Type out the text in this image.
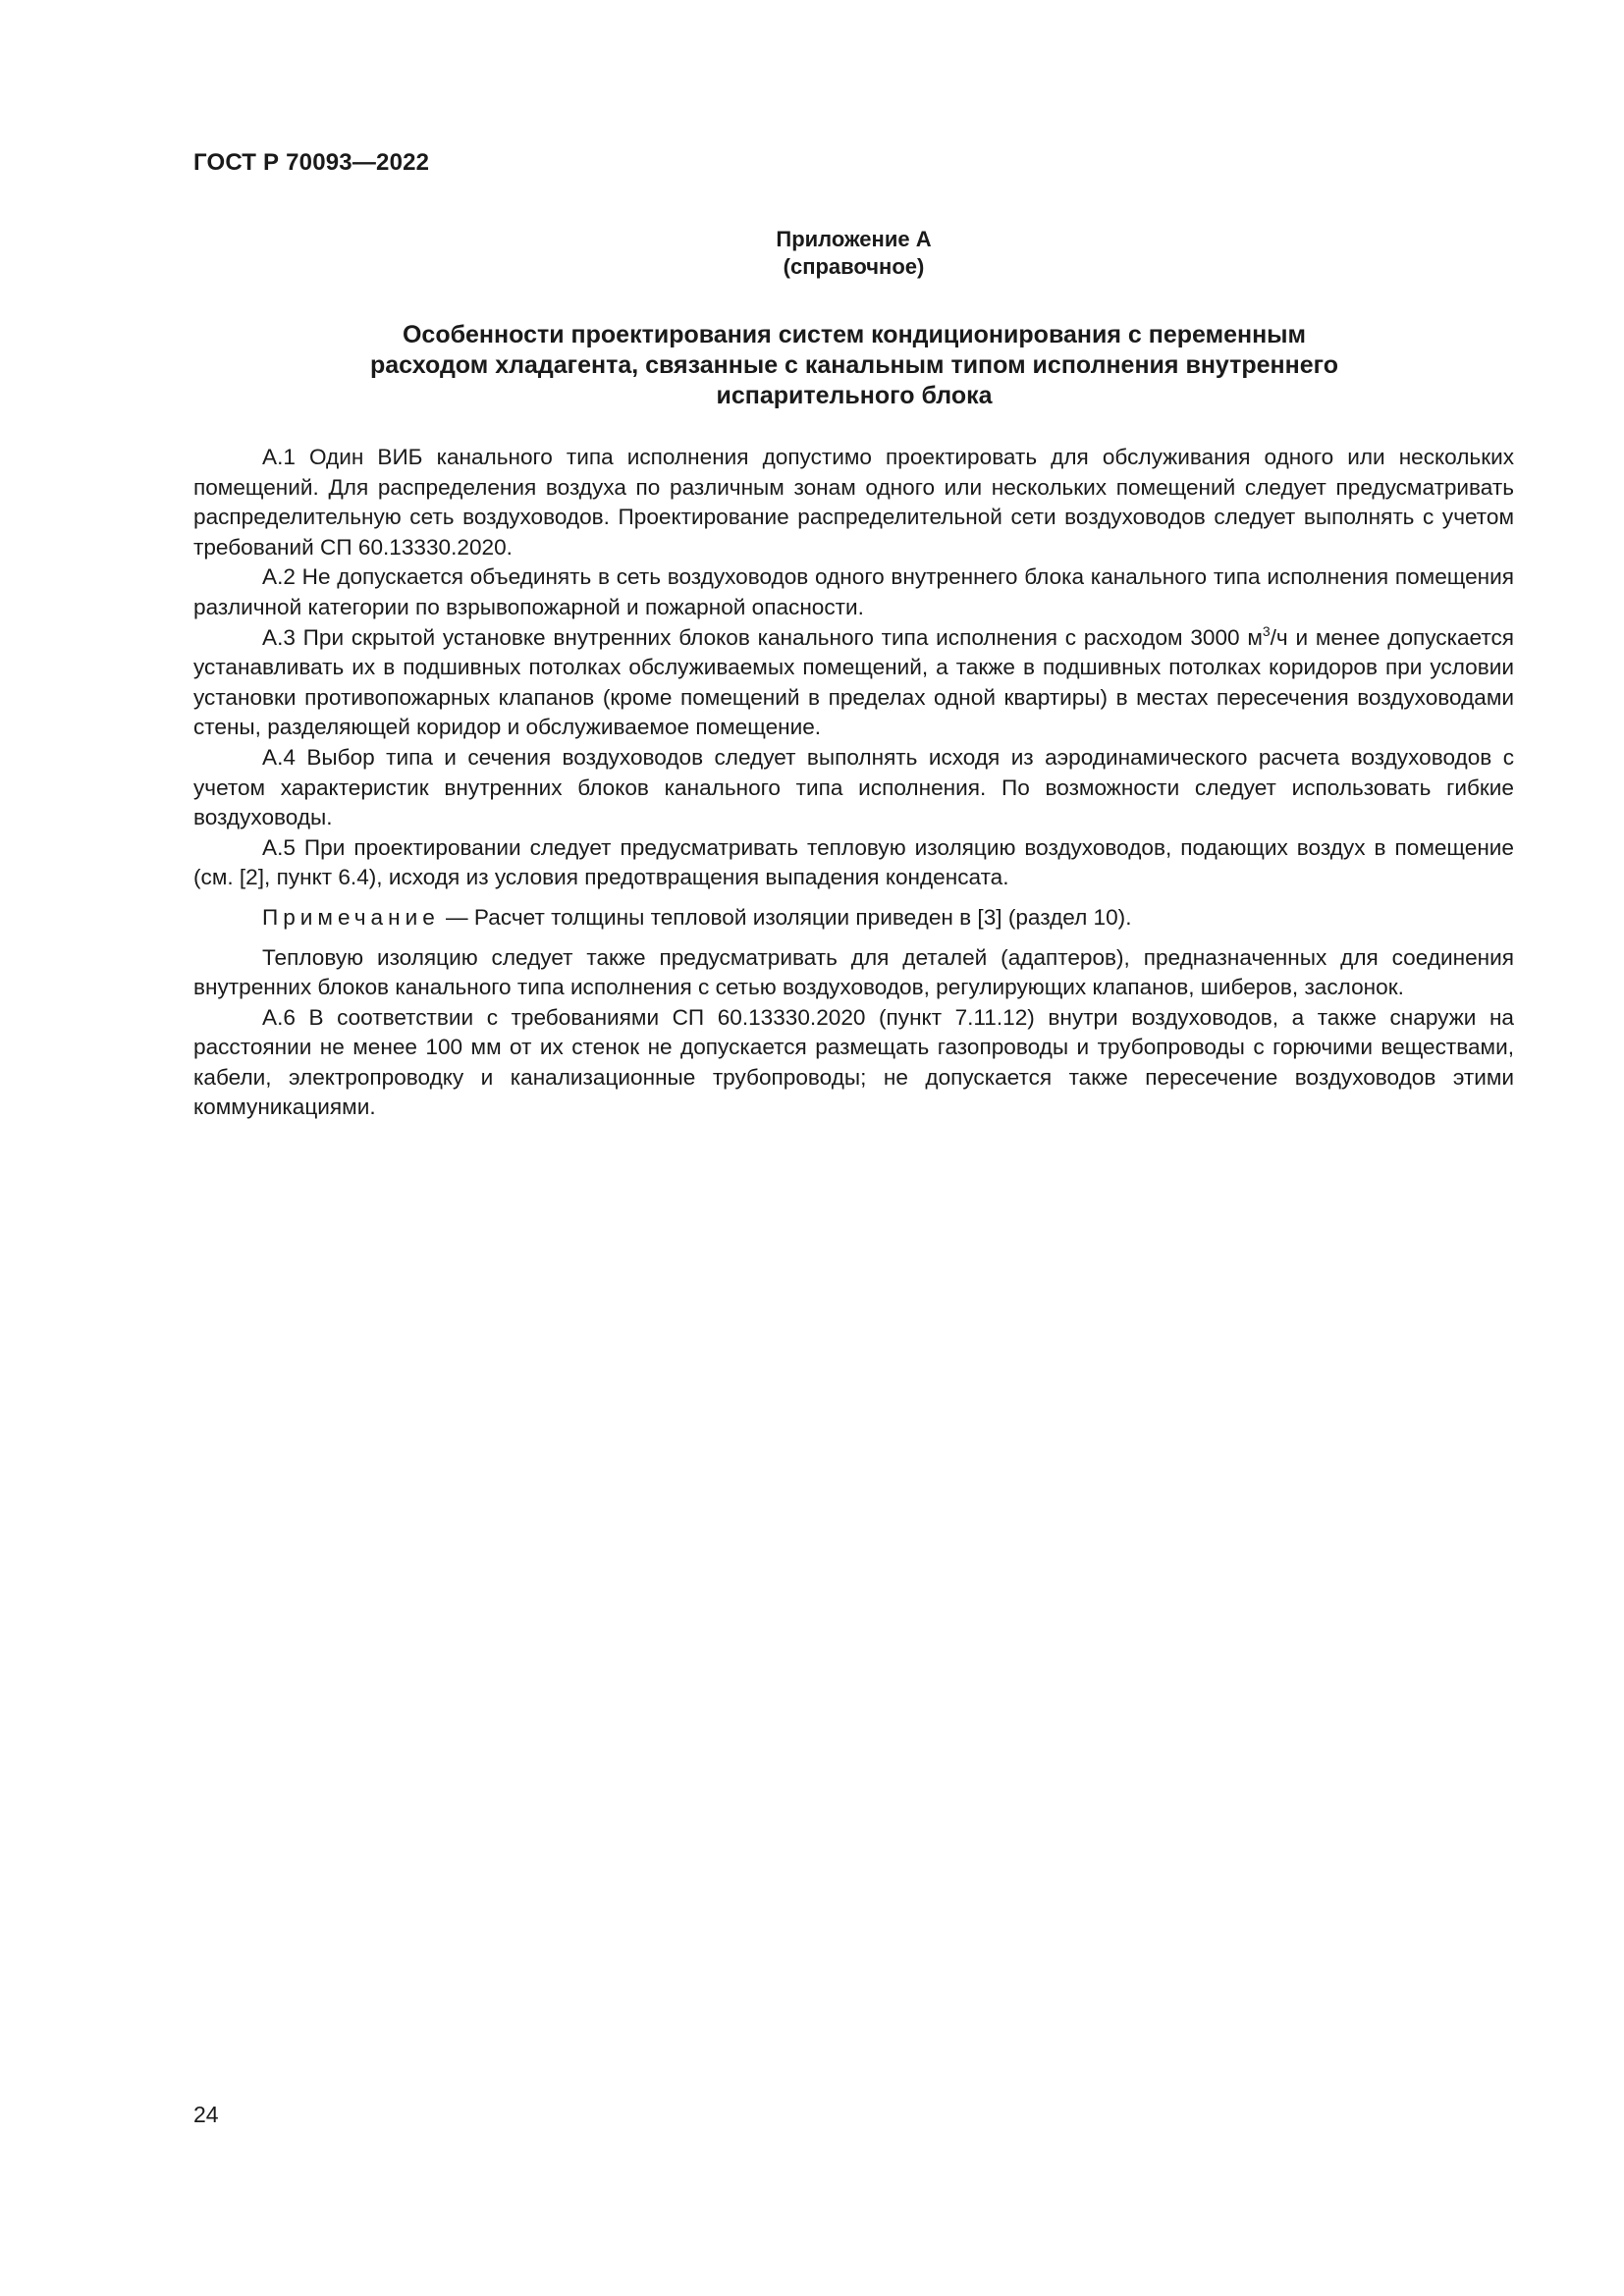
ГОСТ Р 70093—2022
Приложение А
(справочное)
Особенности проектирования систем кондиционирования с переменным
расходом хладагента, связанные с канальным типом исполнения внутреннего
испарительного блока

А.1 Один ВИБ канального типа исполнения допустимо проектировать для обслуживания одного или нескольких помещений. Для распределения воздуха по различным зонам одного или нескольких помещений следует предусматривать распределительную сеть воздуховодов. Проектирование распределительной сети воздуховодов следует выполнять с учетом требований СП 60.13330.2020.

А.2 Не допускается объединять в сеть воздуховодов одного внутреннего блока канального типа исполнения помещения различной категории по взрывопожарной и пожарной опасности.

А.3 При скрытой установке внутренних блоков канального типа исполнения с расходом 3000 $м^3/ч$ и менее допускается устанавливать их в подшивных потолках обслуживаемых помещений, а также в подшивных потолках коридоров при условии установки противопожарных клапанов (кроме помещений в пределах одной квартиры) в местах пересечения воздуховодами стены, разделяющей коридор и обслуживаемое помещение.

А.4 Выбор типа и сечения воздуховодов следует выполнять исходя из аэродинамического расчета воздуховодов с учетом характеристик внутренних блоков канального типа исполнения. По возможности следует использовать гибкие воздуховоды.

А.5 При проектировании следует предусматривать тепловую изоляцию воздуховодов, подающих воздух в помещение (см. [2], пункт 6.4), исходя из условия предотвращения выпадения конденсата.

Примечание — Расчет толщины тепловой изоляции приведен в [3] (раздел 10).

Тепловую изоляцию следует также предусматривать для деталей (адаптеров), предназначенных для соединения внутренних блоков канального типа исполнения с сетью воздуховодов, регулирующих клапанов, шиберов, заслонок.

А.6 В соответствии с требованиями СП 60.13330.2020 (пункт 7.11.12) внутри воздуховодов, а также снаружи на расстоянии не менее 100 мм от их стенок не допускается размещать газопроводы и трубопроводы с горючими веществами, кабели, электропроводку и канализационные трубопроводы; не допускается также пересечение воздуховодов этими коммуникациями.

24
